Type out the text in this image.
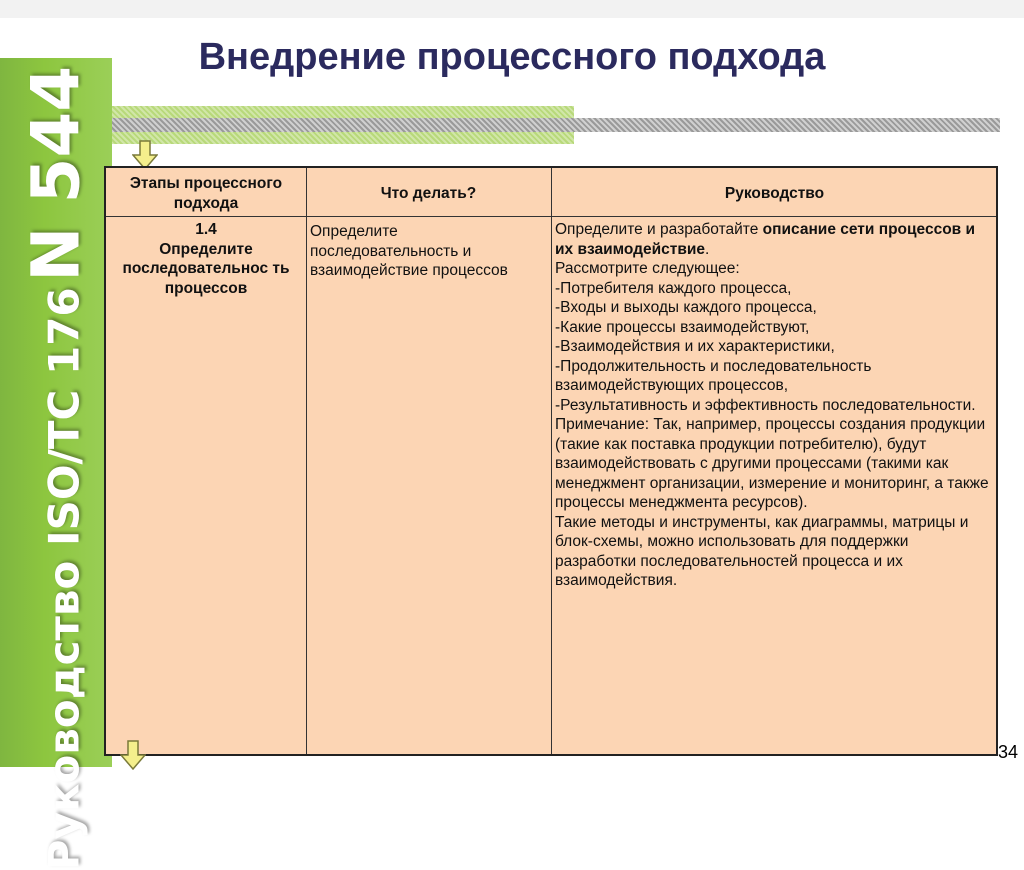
Руководство ISO/TC 176 N 544
Внедрение процессного подхода
Этапы процессного подхода
Что делать?	Руководство
1.4
Определите последовательнос ть процессов
Определите последовательность и взаимодействие процессов
Определите и разработайте описание сети процессов и их взаимодействие.
Рассмотрите следующее:
- Потребителя каждого процесса,
- Входы и выходы каждого процесса,
- Какие процессы взаимодействуют,
- Взаимодействия и их характеристики,
- Продолжительность и последовательность взаимодействующих процессов,
- Результативность и эффективность последовательности.
Примечание: Так, например, процессы создания продукции (такие как поставка продукции потребителю), будут взаимодействовать с другими процессами (такими как менеджмент организации, измерение и мониторинг, а также процессы менеджмента ресурсов).
Такие методы и инструменты, как диаграммы, матрицы и блок-схемы, можно использовать для поддержки разработки последовательностей процесса и их взаимодействия.
34
